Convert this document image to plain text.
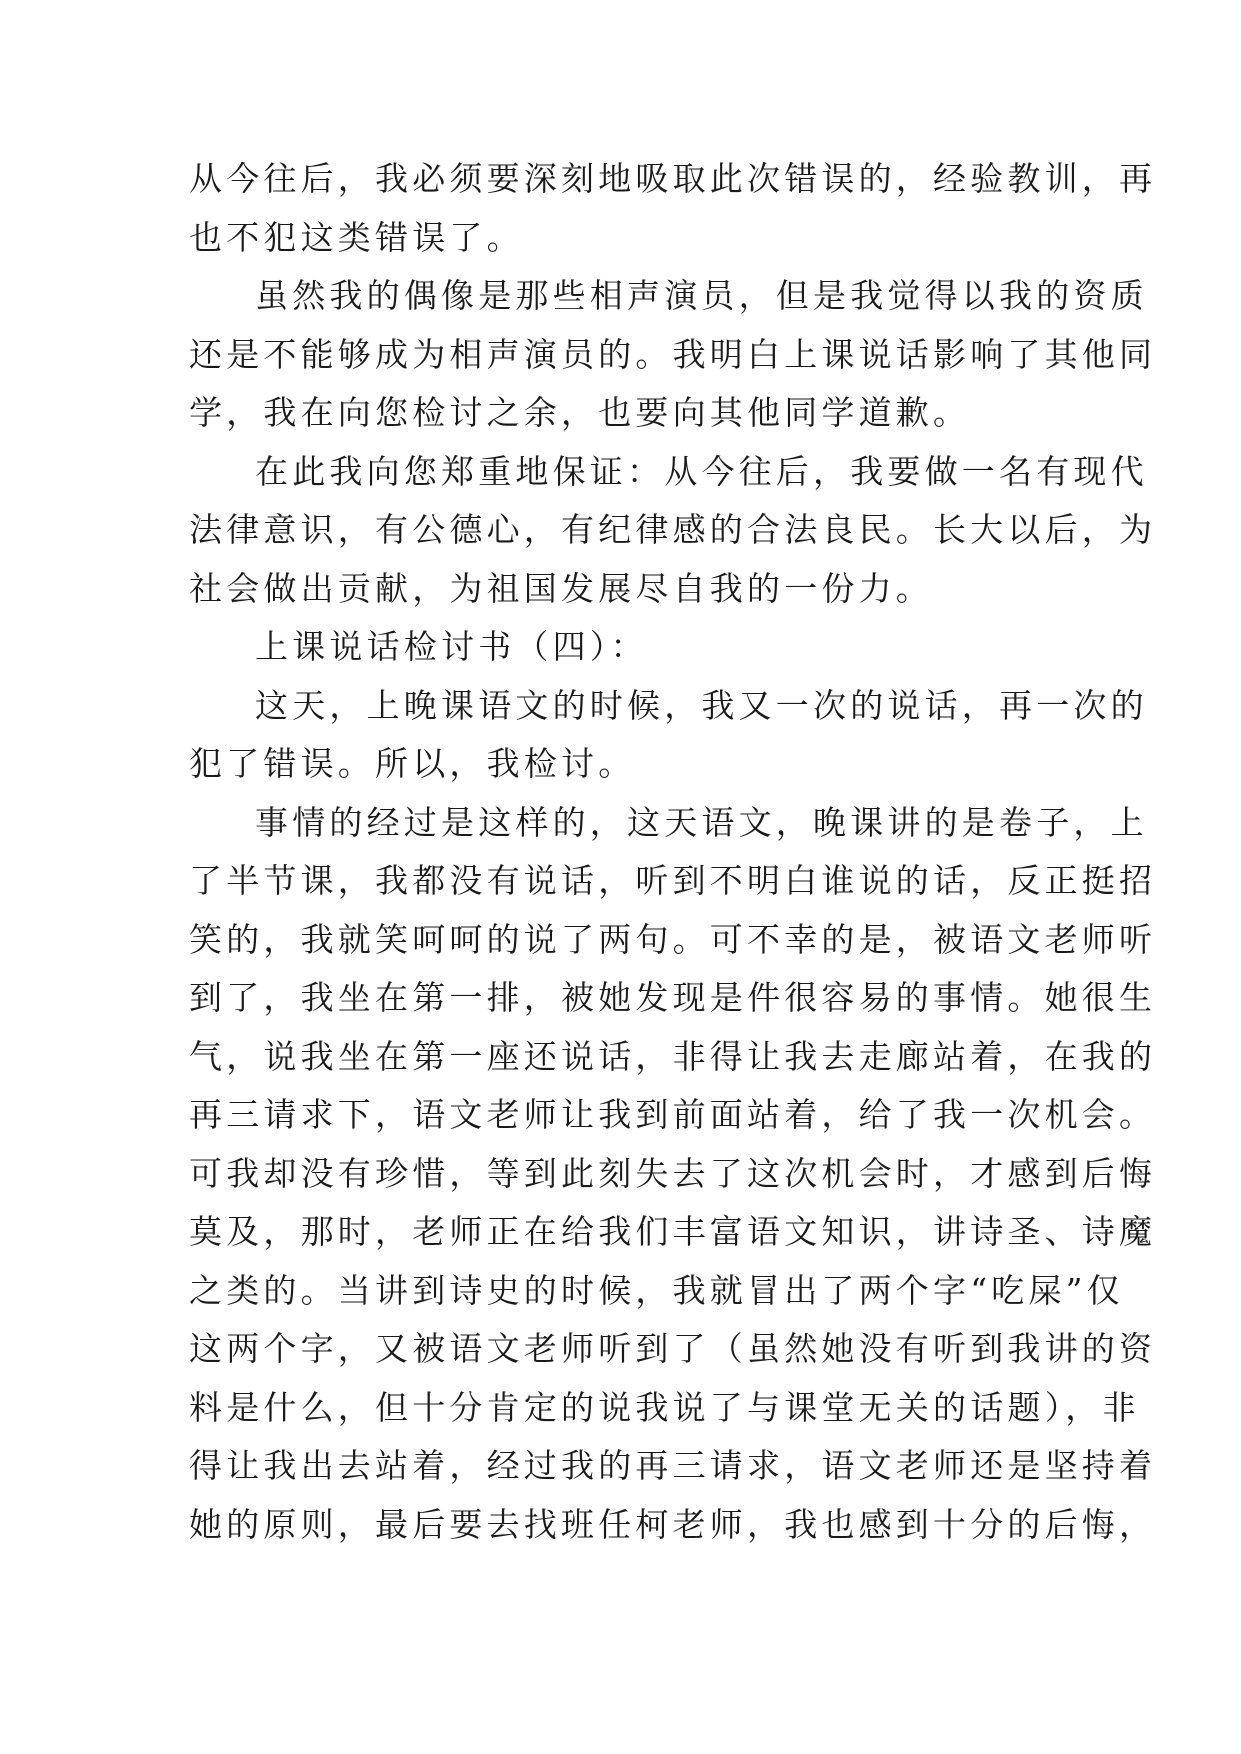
从今往后，我必须要深刻地吸取此次错误的，经验教训，再
也不犯这类错误了。
虽然我的偶像是那些相声演员，但是我觉得以我的资质
还是不能够成为相声演员的。我明白上课说话影响了其他同
学，我在向您检讨之余，也要向其他同学道歉。
在此我向您郑重地保证：从今往后，我要做一名有现代
法律意识，有公德心，有纪律感的合法良民。长大以后，为
社会做出贡献，为祖国发展尽自我的一份力。
上课说话检讨书（四）：
这天，上晚课语文的时候，我又一次的说话，再一次的
犯了错误。所以，我检讨。
事情的经过是这样的，这天语文，晚课讲的是卷子，上
了半节课，我都没有说话，听到不明白谁说的话，反正挺招
笑的，我就笑呵呵的说了两句。可不幸的是，被语文老师听
到了，我坐在第一排，被她发现是件很容易的事情。她很生
气，说我坐在第一座还说话，非得让我去走廊站着，在我的
再三请求下，语文老师让我到前面站着，给了我一次机会。
可我却没有珍惜，等到此刻失去了这次机会时，才感到后悔
莫及，那时，老师正在给我们丰富语文知识，讲诗圣、诗魔
之类的。当讲到诗史的时候，我就冒出了两个字“吃屎”仅
这两个字，又被语文老师听到了（虽然她没有听到我讲的资
料是什么，但十分肯定的说我说了与课堂无关的话题），非
得让我出去站着，经过我的再三请求，语文老师还是坚持着
她的原则，最后要去找班任柯老师，我也感到十分的后悔，
